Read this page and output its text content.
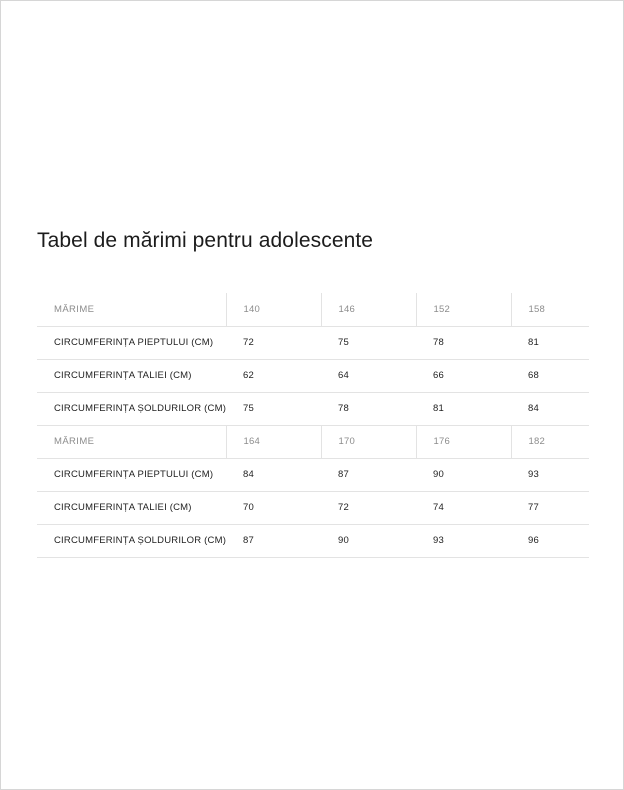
Tabel de mărimi pentru adolescente
MĂRIME	140	146	152	158
CIRCUMFERINȚA PIEPTULUI (CM)	72	75	78	81
CIRCUMFERINȚA TALIEI (CM)	62	64	66	68
CIRCUMFERINȚA ȘOLDURILOR (CM)	75	78	81	84
MĂRIME	164	170	176	182
CIRCUMFERINȚA PIEPTULUI (CM)	84	87	90	93
CIRCUMFERINȚA TALIEI (CM)	70	72	74	77
CIRCUMFERINȚA ȘOLDURILOR (CM)	87	90	93	96
